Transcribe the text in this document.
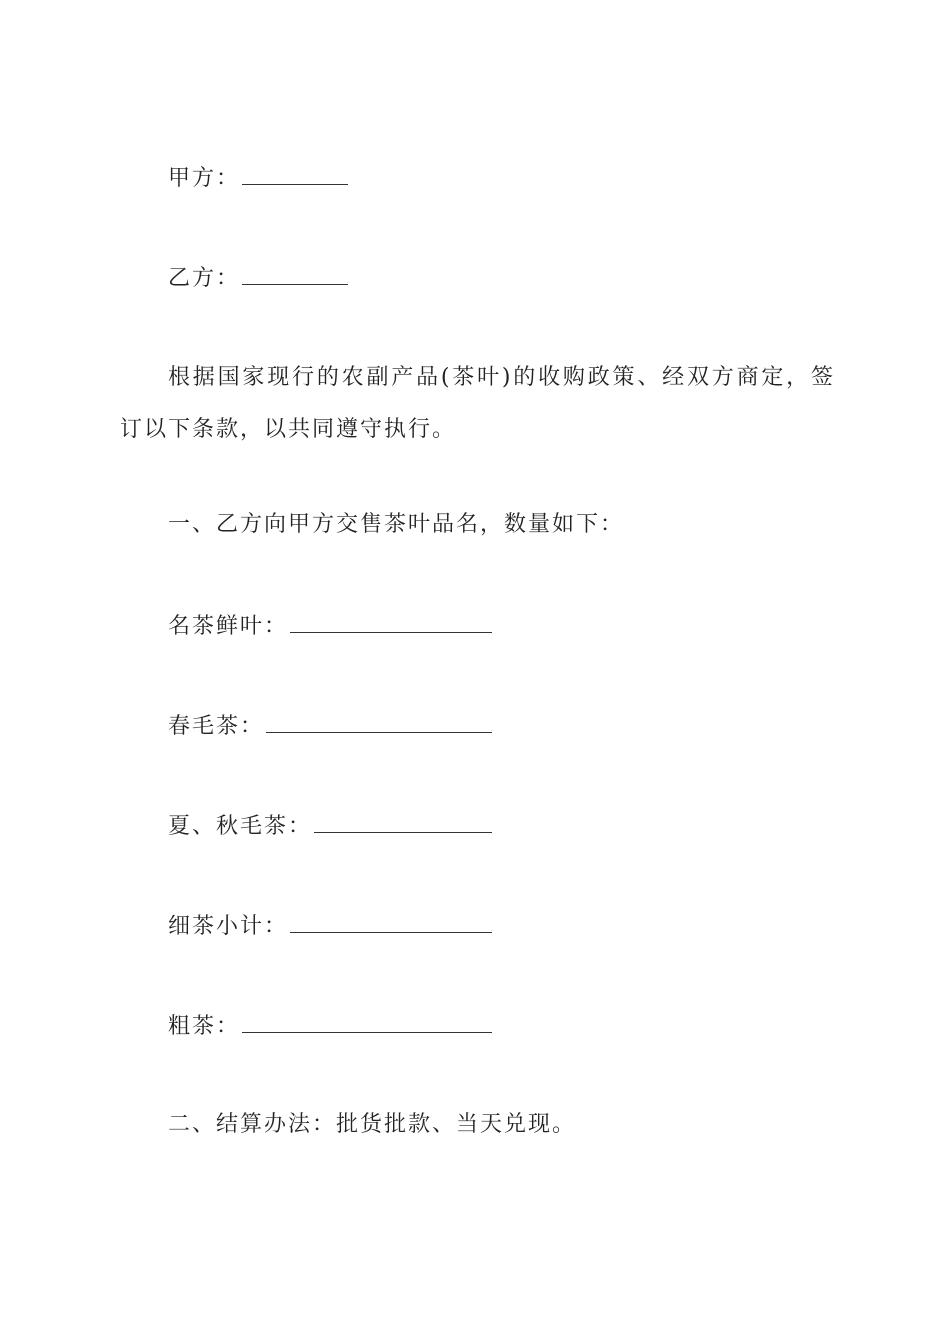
甲方：
乙方：
根据国家现行的农副产品(茶叶)的收购政策、经双方商定，签订以下条款，以共同遵守执行。
一、乙方向甲方交售茶叶品名，数量如下：
名茶鲜叶：
春毛茶：
夏、秋毛茶：
细茶小计：
粗茶：
二、结算办法：批货批款、当天兑现。
